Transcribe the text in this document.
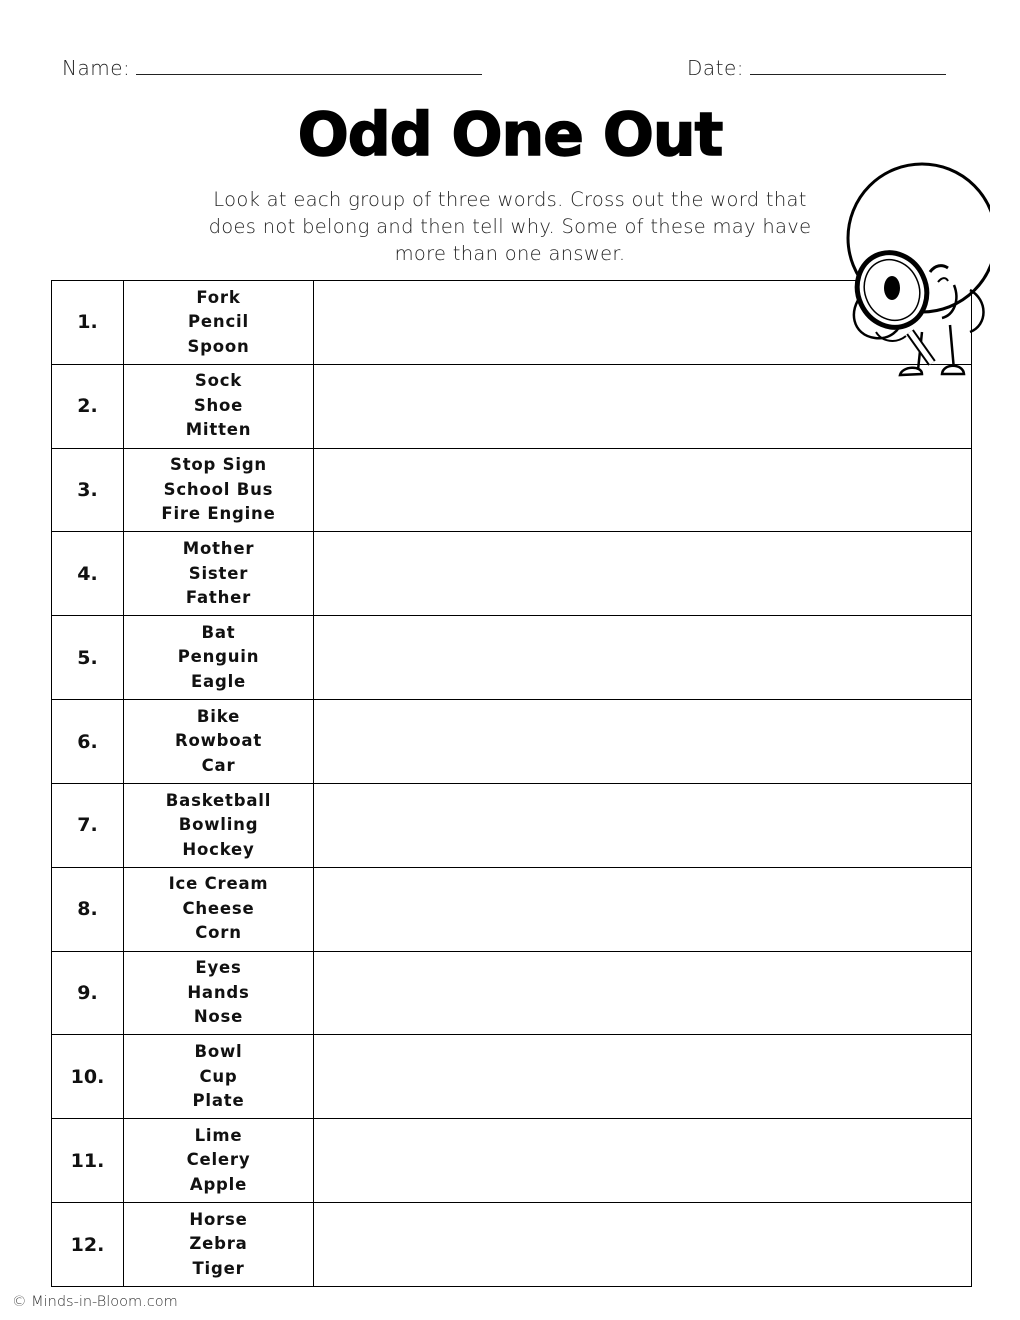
Name:	Date:
Odd One Out
Look at each group of three words. Cross out the word that does not belong and then tell why. Some of these may have more than one answer.
1.	Fork
Pencil
Spoon	

2.	Sock
Shoe
Mitten	

3.	Stop Sign
School Bus
Fire Engine	

4.	Mother
Sister
Father	

5.	Bat
Penguin
Eagle	

6.	Bike
Rowboat
Car	

7.	Basketball
Bowling
Hockey	

8.	Ice Cream
Cheese
Corn	

9.	Eyes
Hands
Nose	

10.	Bowl
Cup
Plate	

11.	Lime
Celery
Apple	

12.	Horse
Zebra
Tiger	

© Minds-in-Bloom.com
